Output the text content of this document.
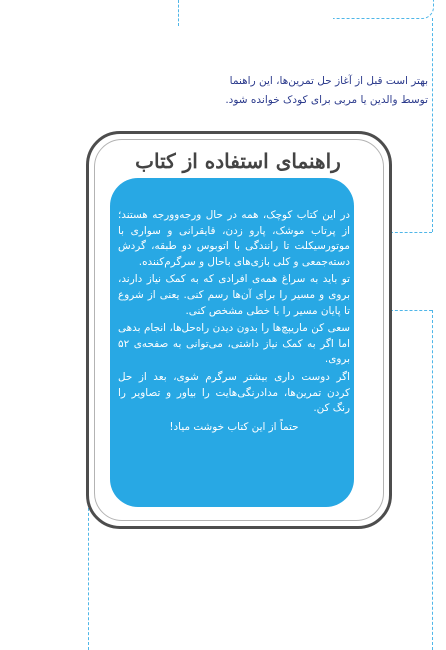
بهتر است قبل از آغاز حل تمرین‌ها، این راهنما

توسط والدین یا مربی برای کودک خوانده شود.

راهنمای استفاده از کتاب

در این کتاب کوچک، همه در حال ورجه‌وورجه هستند؛ از پرتاب موشک، پارو زدن، قایقرانی و سواری با موتورسیکلت تا رانندگی با اتوبوس دو طبقه، گردش دسته‌جمعی و کلی بازی‌های باحال و سرگرم‌کننده.

تو باید به سراغ همه‌ی افرادی که به کمک نیاز دارند، بروی و مسیر را برای آن‌ها رسم کنی. یعنی از شروع تا پایان مسیر را با خطی مشخص کنی.

سعی کن ماریپچ‌ها را بدون دیدن راه‌حل‌ها، انجام بدهی اما اگر به کمک نیاز داشتی، می‌توانی به صفحه‌ی ۵۲ بروی.

اگر دوست داری بیشتر سرگرم شوی، بعد از حل کردن تمرین‌ها، مدادرنگی‌هایت را بیاور و تصاویر را رنگ کن.

حتماً از این کتاب خوشت میاد!
